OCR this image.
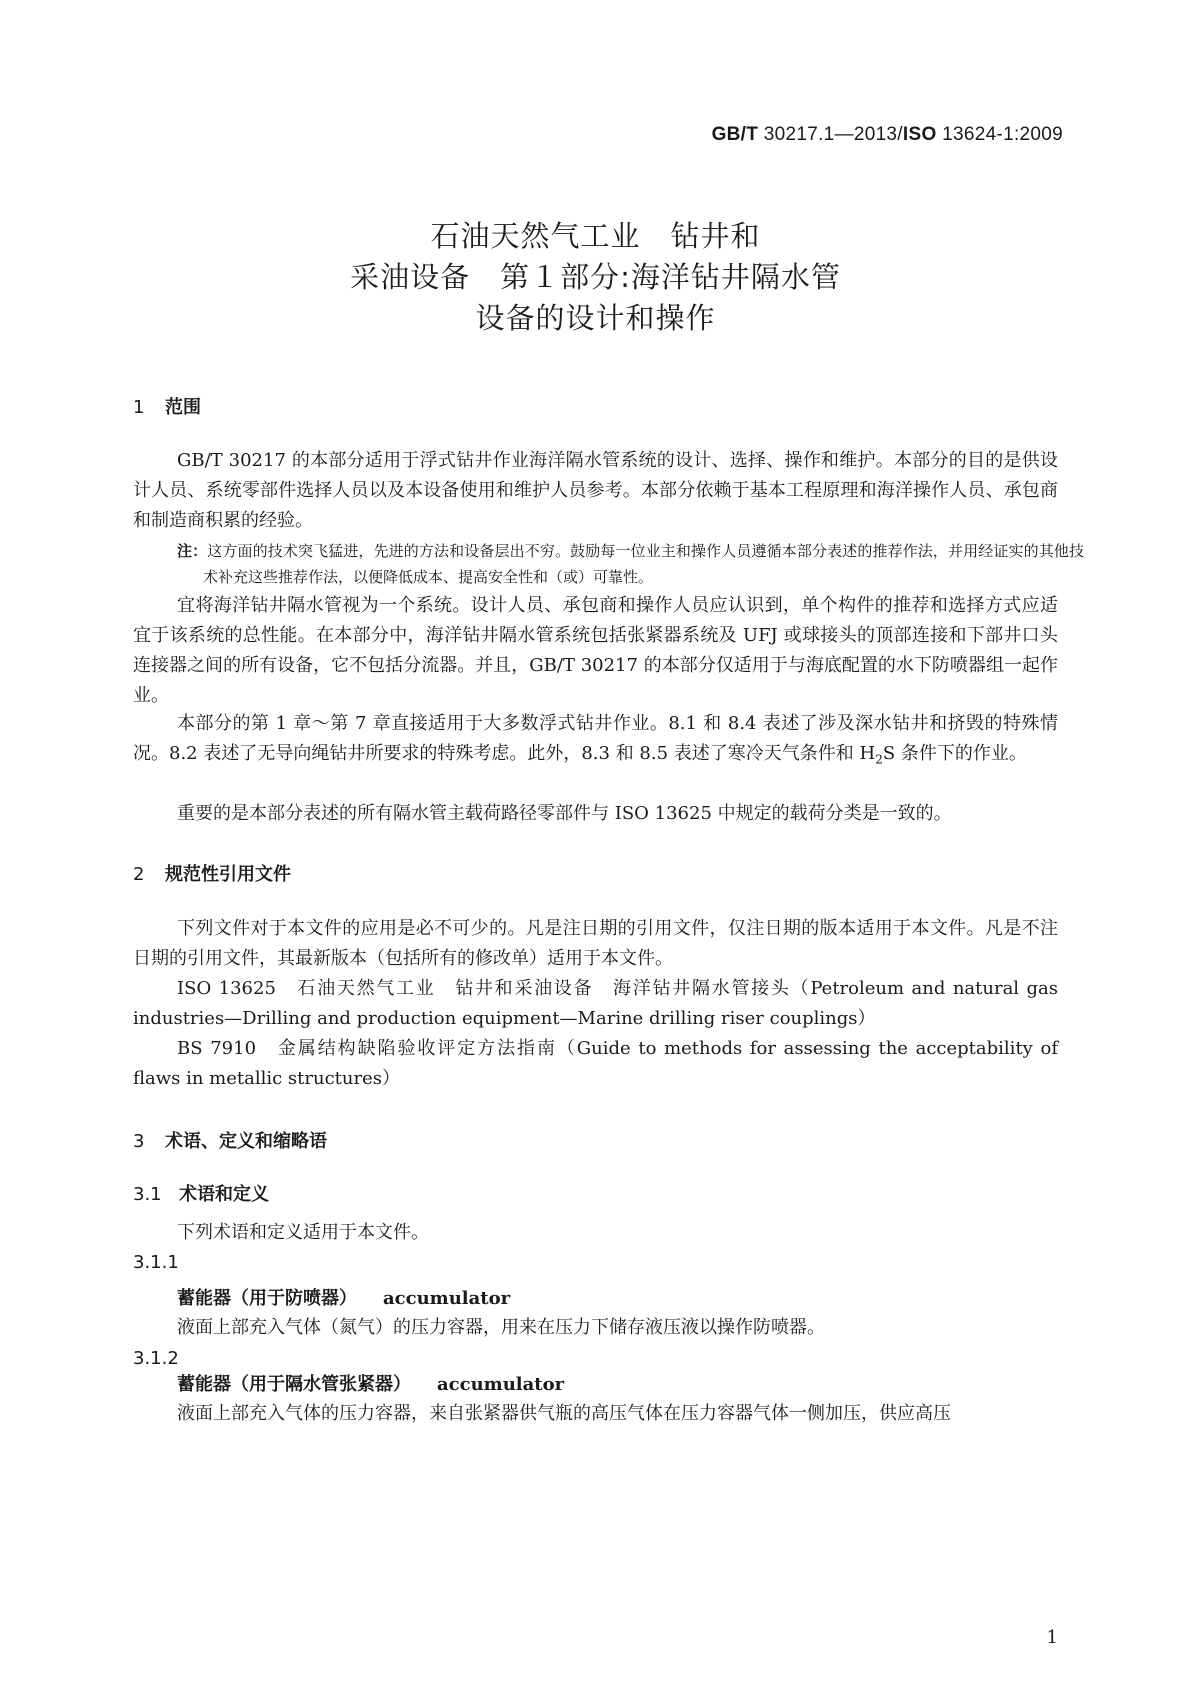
GB/T 30217.1—2013/ISO 13624-1:2009
石油天然气工业　钻井和
采油设备　第１部分:海洋钻井隔水管
设备的设计和操作
1 范围

GB/T 30217 的本部分适用于浮式钻井作业海洋隔水管系统的设计、选择、操作和维护。本部分的目的是供设计人员、系统零部件选择人员以及本设备使用和维护人员参考。本部分依赖于基本工程原理和海洋操作人员、承包商和制造商积累的经验。

注：这方面的技术突飞猛进，先进的方法和设备层出不穷。鼓励每一位业主和操作人员遵循本部分表述的推荐作法，并用经证实的其他技术补充这些推荐作法，以便降低成本、提高安全性和（或）可靠性。

宜将海洋钻井隔水管视为一个系统。设计人员、承包商和操作人员应认识到，单个构件的推荐和选择方式应适宜于该系统的总性能。在本部分中，海洋钻井隔水管系统包括张紧器系统及 UFJ 或球接头的顶部连接和下部井口头连接器之间的所有设备，它不包括分流器。并且，GB/T 30217 的本部分仅适用于与海底配置的水下防喷器组一起作业。

本部分的第 1 章～第 7 章直接适用于大多数浮式钻井作业。8.1 和 8.4 表述了涉及深水钻井和挤毁的特殊情况。8.2 表述了无导向绳钻井所要求的特殊考虑。此外，8.3 和 8.5 表述了寒冷天气条件和 $H_2S$ 条件下的作业。

重要的是本部分表述的所有隔水管主载荷路径零部件与 ISO 13625 中规定的载荷分类是一致的。

2 规范性引用文件

下列文件对于本文件的应用是必不可少的。凡是注日期的引用文件，仅注日期的版本适用于本文件。凡是不注日期的引用文件，其最新版本（包括所有的修改单）适用于本文件。

ISO 13625　石油天然气工业　钻井和采油设备　海洋钻井隔水管接头（Petroleum and natural gas industries—Drilling and production equipment—Marine drilling riser couplings）

BS 7910　金属结构缺陷验收评定方法指南（Guide to methods for assessing the acceptability of flaws in metallic structures）

3 术语、定义和缩略语
3.1 术语和定义

下列术语和定义适用于本文件。

3.1.1
蓄能器（用于防喷器） accumulator
液面上部充入气体（氮气）的压力容器，用来在压力下储存液压液以操作防喷器。
3.1.2
蓄能器（用于隔水管张紧器） accumulator
液面上部充入气体的压力容器，来自张紧器供气瓶的高压气体在压力容器气体一侧加压，供应高压
1
